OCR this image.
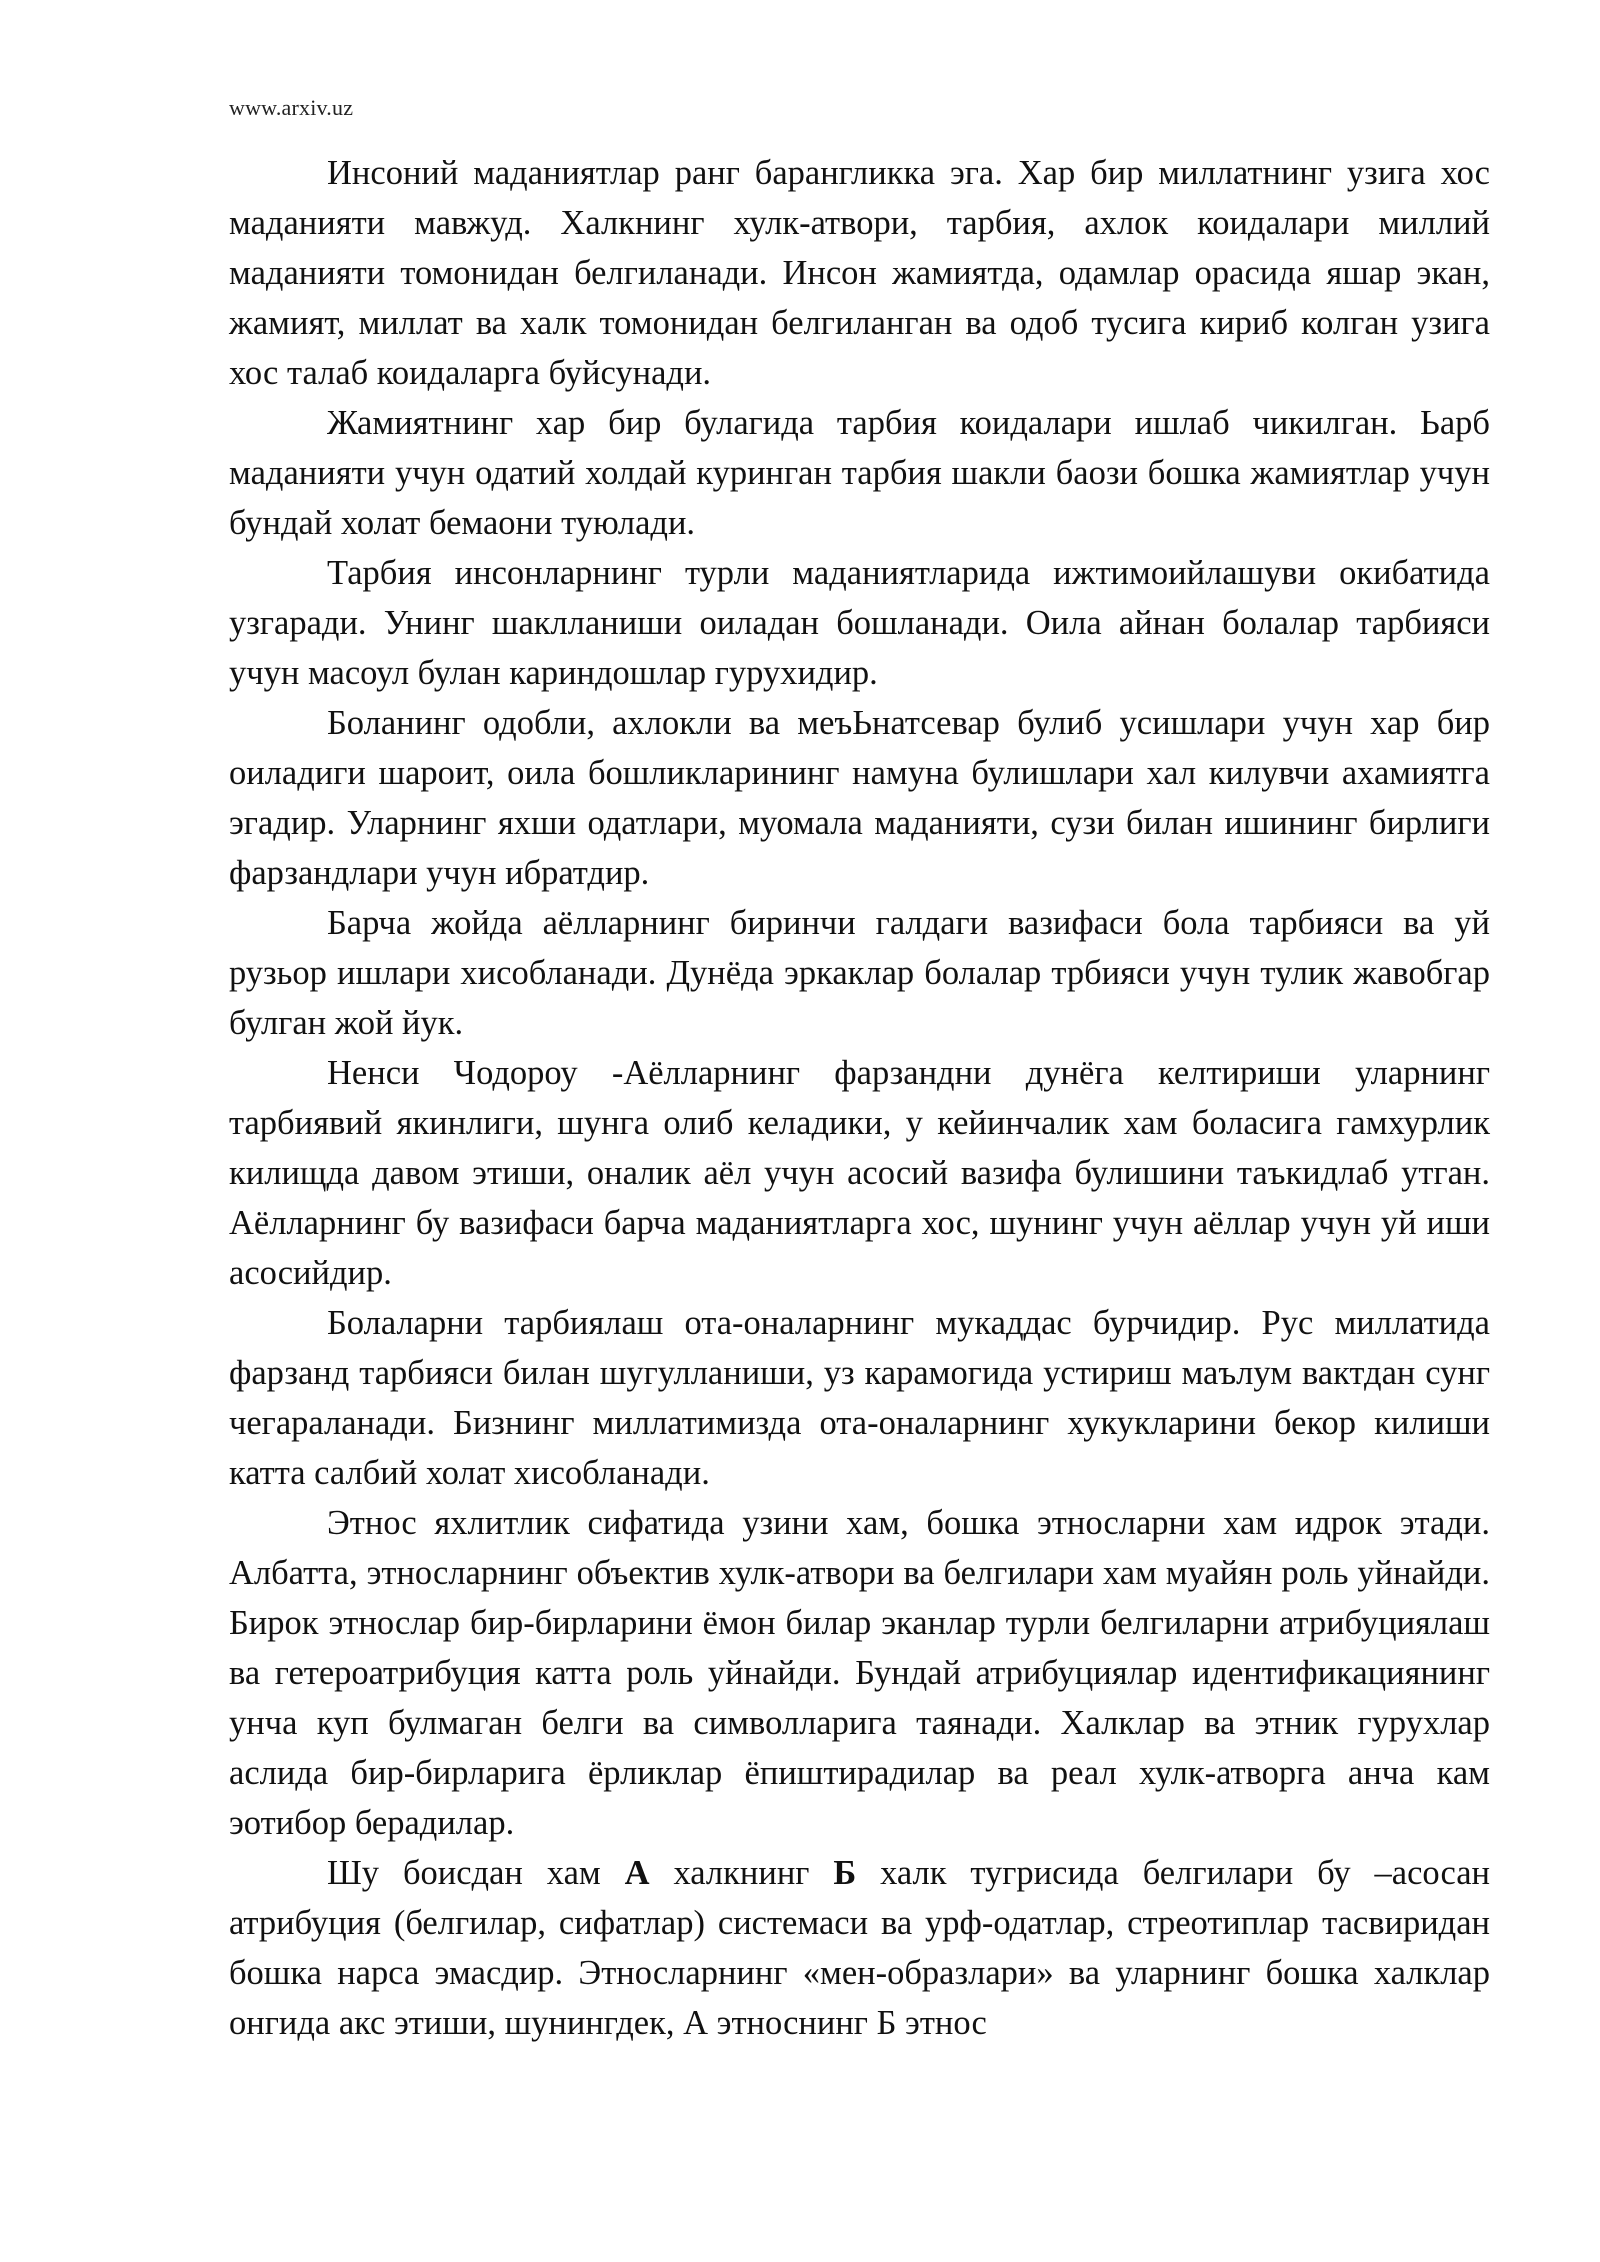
www.arxiv.uz

Инсоний маданиятлар ранг барангликка эга. Хар бир миллатнинг узига хос маданияти мавжуд. Халкнинг хулк-атвори, тарбия, ахлок коидалари миллий маданияти томонидан белгиланади. Инсон жамиятда, одамлар орасида яшар экан, жамият, миллат ва халк томонидан белгиланган ва одоб тусига кириб колган узига хос талаб коидаларга буйсунади.

Жамиятнинг хар бир булагида тарбия коидалари ишлаб чикилган. Ьарб маданияти учун одатий холдай куринган тарбия шакли баози бошка жамиятлар учун бундай холат бемаони туюлади.

Тарбия инсонларнинг турли маданиятларида ижтимоийлашуви окибатида узгаради. Унинг шаклланиши оиладан бошланади. Оила айнан болалар тарбияси учун масоул булан кариндошлар гурухидир.

Боланинг одобли, ахлокли ва меъЬнатсевар булиб усишлари учун хар бир оиладиги шароит, оила бошликларининг намуна булишлари хал килувчи ахамиятга эгадир. Уларнинг яхши одатлари, муомала маданияти, сузи билан ишининг бирлиги фарзандлари учун ибратдир.

Барча жойда аёлларнинг биринчи галдаги вазифаси бола тарбияси ва уй рузьор ишлари хисобланади. Дунёда эркаклар болалар трбияси учун тулик жавобгар булган жой йук.

Ненси Чодороу -Аёлларнинг фарзандни дунёга келтириши уларнинг тарбиявий якинлиги, шунга олиб келадики, у кейинчалик хам боласига гамхурлик килищда давом этиши, оналик аёл учун асосий вазифа булишини таъкидлаб утган. Аёлларнинг бу вазифаси барча маданиятларга хос, шунинг учун аёллар учун уй иши асосийдир.

Болаларни тарбиялаш ота-оналарнинг мукаддас бурчидир. Рус миллатида фарзанд тарбияси билан шугулланиши, уз карамогида устириш маълум вактдан сунг чегараланади. Бизнинг миллатимизда ота-оналарнинг хукукларини бекор килиши катта салбий холат хисобланади.

Этнос яхлитлик сифатида узини хам, бошка этносларни хам идрок этади. Албатта, этносларнинг объектив хулк-атвори ва белгилари хам муайян роль уйнайди. Бирок этнослар бир-бирларини ёмон билар эканлар турли белгиларни атрибуциялаш ва гетероатрибуция катта роль уйнайди. Бундай атрибуциялар идентификациянинг унча куп булмаган белги ва символларига таянади. Халклар ва этник гурухлар аслида бир-бирларига ёрликлар ёпиштирадилар ва реал хулк-атворга анча кам эотибор берадилар.

Шу боисдан хам А халкнинг Б халк тугрисида белгилари бу –асосан атрибуция (белгилар, сифатлар) системаси ва урф-одатлар, стреотиплар тасвиридан бошка нарса эмасдир. Этносларнинг «мен-образлари» ва уларнинг бошка халклар онгида акс этиши, шунингдек, А этноснинг Б этнос
